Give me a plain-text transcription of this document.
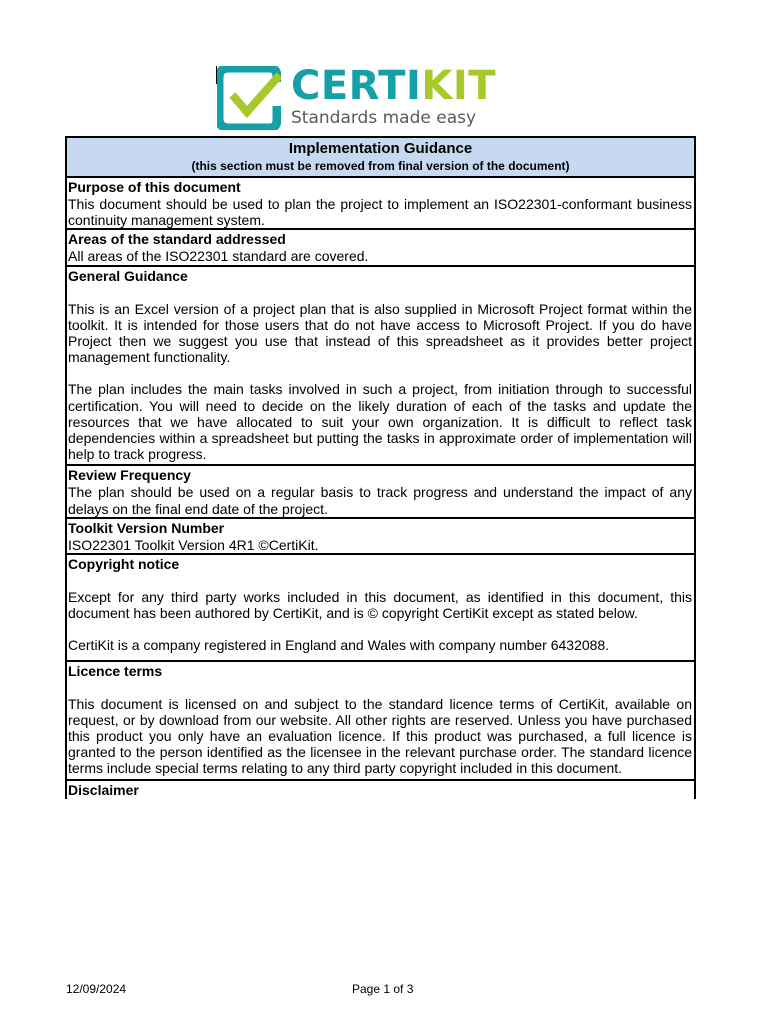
CERTIKIT
Standards made easy
Implementation Guidance
(this section must be removed from final version of the document)
Purpose of this document
This document should be used to plan the project to implement an ISO22301-conformant business continuity management system.
Areas of the standard addressed
All areas of the ISO22301 standard are covered.
General Guidance
This is an Excel version of a project plan that is also supplied in Microsoft Project format within the toolkit. It is intended for those users that do not have access to Microsoft Project. If you do have Project then we suggest you use that instead of this spreadsheet as it provides better project management functionality.
The plan includes the main tasks involved in such a project, from initiation through to successful certification. You will need to decide on the likely duration of each of the tasks and update the resources that we have allocated to suit your own organization. It is difficult to reflect task dependencies within a spreadsheet but putting the tasks in approximate order of implementation will help to track progress.
Review Frequency
The plan should be used on a regular basis to track progress and understand the impact of any delays on the final end date of the project.
Toolkit Version Number
ISO22301 Toolkit Version 4R1 ©CertiKit.
Copyright notice
Except for any third party works included in this document, as identified in this document, this document has been authored by CertiKit, and is © copyright CertiKit except as stated below.
CertiKit is a company registered in England and Wales with company number 6432088.
Licence terms
This document is licensed on and subject to the standard licence terms of CertiKit, available on request, or by download from our website. All other rights are reserved. Unless you have purchased this product you only have an evaluation licence. If this product was purchased, a full licence is granted to the person identified as the licensee in the relevant purchase order. The standard licence terms include special terms relating to any third party copyright included in this document.
Disclaimer
12/09/2024	Page 1 of 3
